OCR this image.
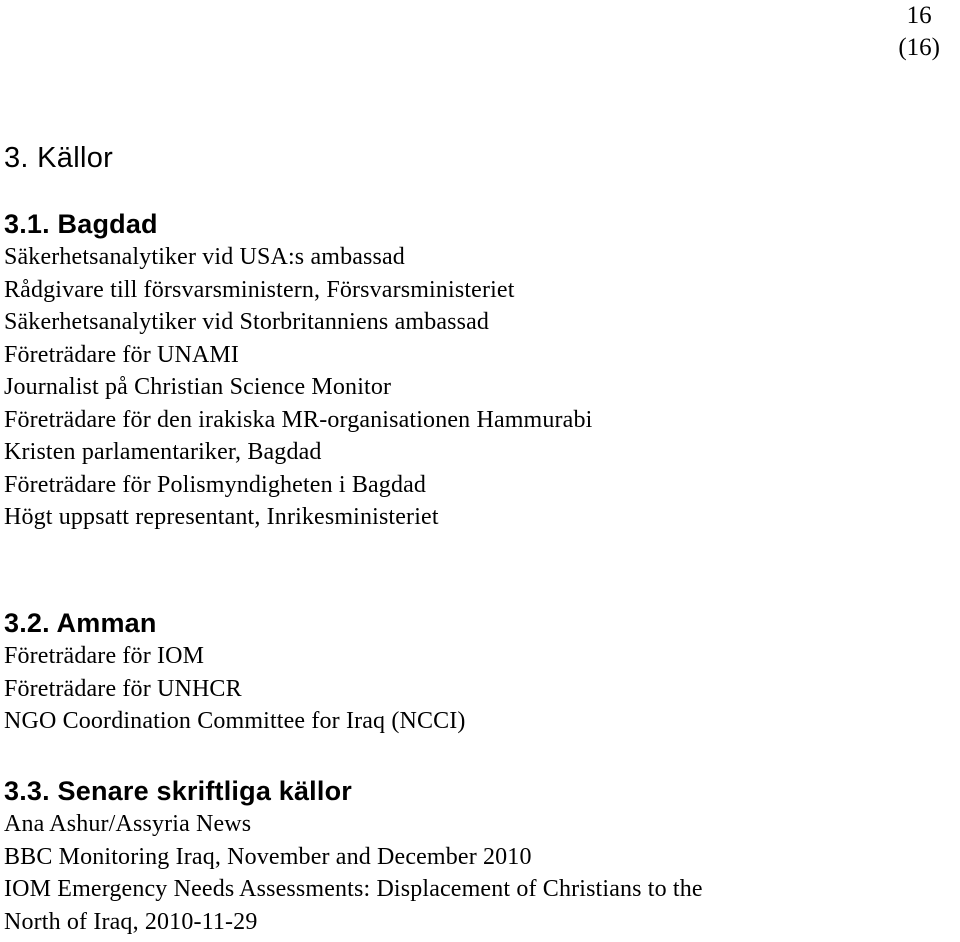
16
(16)
3. Källor
3.1. Bagdad
Säkerhetsanalytiker vid USA:s ambassad
Rådgivare till försvarsministern, Försvarsministeriet
Säkerhetsanalytiker vid Storbritanniens ambassad
Företrädare för UNAMI
Journalist på Christian Science Monitor
Företrädare för den irakiska MR-organisationen Hammurabi
Kristen parlamentariker, Bagdad
Företrädare för Polismyndigheten i Bagdad
Högt uppsatt representant, Inrikesministeriet
3.2. Amman
Företrädare för IOM
Företrädare för UNHCR
NGO Coordination Committee for Iraq (NCCI)
3.3. Senare skriftliga källor
Ana Ashur/Assyria News
BBC Monitoring Iraq, November and December 2010
IOM Emergency Needs Assessments: Displacement of Christians to the
North of Iraq, 2010-11-29
